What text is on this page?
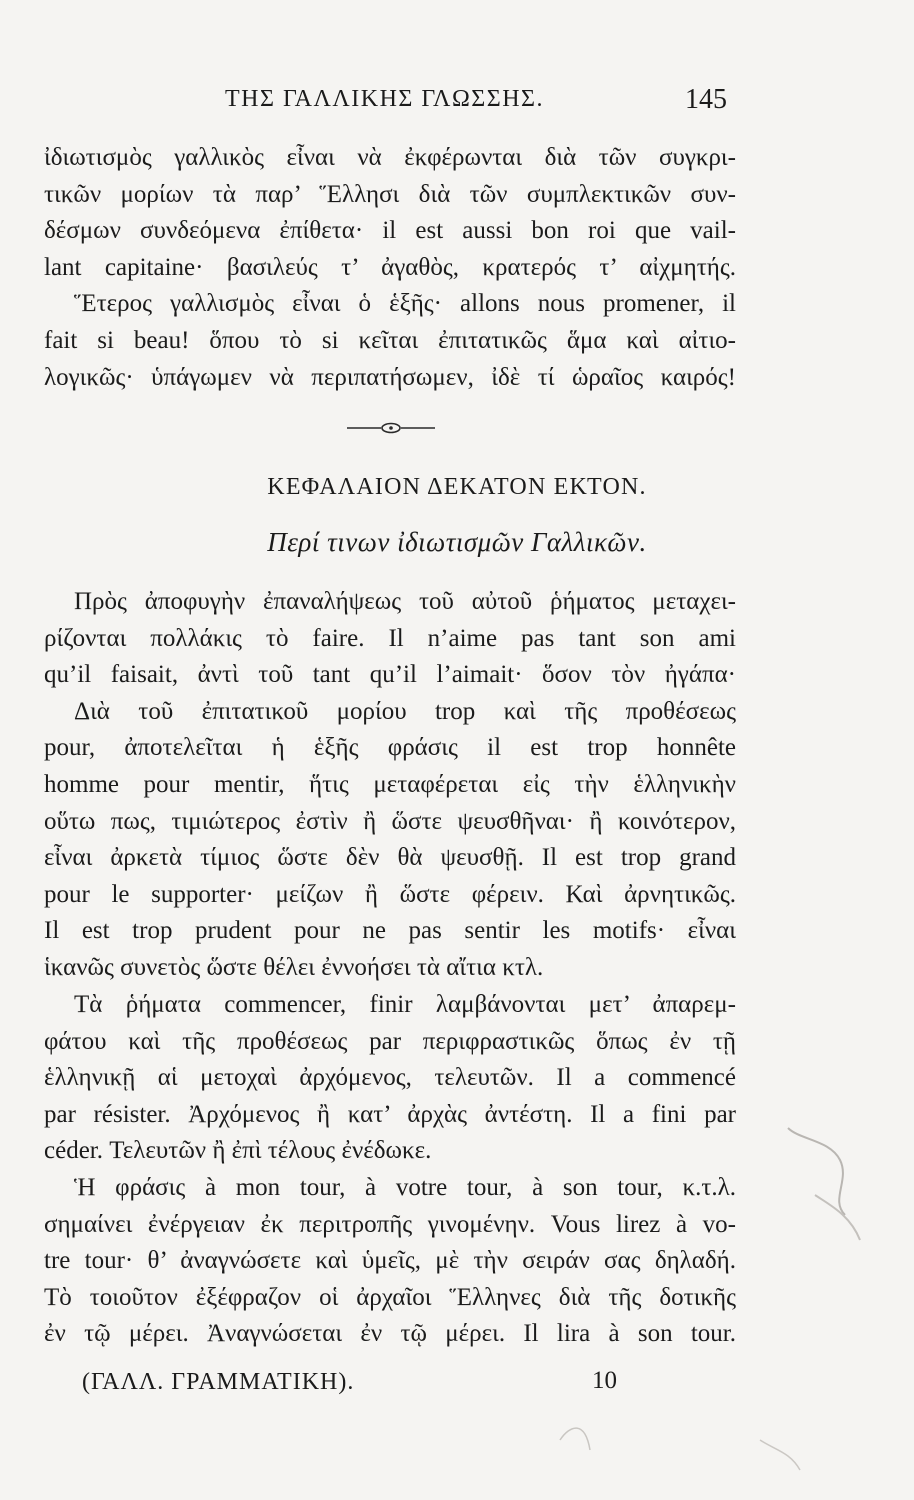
ΤΗΣ ΓΑΛΛΙΚΗΣ ΓΛΩΣΣΗΣ.	145
ἰδιωτισμὸς γαλλικὸς εἶναι νὰ ἐκφέρωνται διὰ τῶν συγκρι-
τικῶν μορίων τὰ παρ’ Ἕλλησι διὰ τῶν συμπλεκτικῶν συν-
δέσμων συνδεόμενα ἐπίθετα· il est aussi bon roi que vail-
lant capitaine· βασιλεύς τ’ ἀγαθὸς, κρατερός τ’ αἰχμητής.
Ἕτερος γαλλισμὸς εἶναι ὁ ἑξῆς· allons nous promener, il
fait si beau! ὅπου τὸ si κεῖται ἐπιτατικῶς ἅμα καὶ αἰτιο-
λογικῶς· ὑπάγωμεν νὰ περιπατήσωμεν, ἰδὲ τί ὡραῖος καιρός!
ΚΕΦΑΛΑΙΟΝ ΔΕΚΑΤΟΝ ΕΚΤΟΝ.
Περί τινων ἰδιωτισμῶν Γαλλικῶν.
Πρὸς ἀποφυγὴν ἐπαναλήψεως τοῦ αὐτοῦ ῥήματος μεταχει-
ρίζονται πολλάκις τὸ faire. Il n’aime pas tant son ami
qu’il faisait, ἀντὶ τοῦ tant qu’il l’aimait· ὅσον τὸν ἠγάπα·
Διὰ τοῦ ἐπιτατικοῦ μορίου trop καὶ τῆς προθέσεως
pour, ἀποτελεῖται ἡ ἑξῆς φράσις il est trop honnête
homme pour mentir, ἥτις μεταφέρεται εἰς τὴν ἑλληνικὴν
οὕτω πως, τιμιώτερος ἐστὶν ἢ ὥστε ψευσθῆναι· ἢ κοινότερον,
εἶναι ἀρκετὰ τίμιος ὥστε δὲν θὰ ψευσθῇ. Il est trop grand
pour le supporter· μείζων ἢ ὥστε φέρειν. Καὶ ἀρνητικῶς.
Il est trop prudent pour ne pas sentir les motifs· εἶναι
ἱκανῶς συνετὸς ὥστε θέλει ἐννοήσει τὰ αἴτια κτλ.
Τὰ ῥήματα commencer, finir λαμβάνονται μετ’ ἀπαρεμ-
φάτου καὶ τῆς προθέσεως par περιφραστικῶς ὅπως ἐν τῇ
ἑλληνικῇ αἱ μετοχαὶ ἀρχόμενος, τελευτῶν. Il a commencé
par résister. Ἀρχόμενος ἢ κατ’ ἀρχὰς ἀντέστη. Il a fini par
céder. Τελευτῶν ἢ ἐπὶ τέλους ἐνέδωκε.
Ἡ φράσις à mon tour, à votre tour, à son tour, κ.τ.λ.
σημαίνει ἐνέργειαν ἐκ περιτροπῆς γινομένην. Vous lirez à vo-
tre tour· θ’ ἀναγνώσετε καὶ ὑμεῖς, μὲ τὴν σειράν σας δηλαδή.
Τὸ τοιοῦτον ἐξέφραζον οἱ ἀρχαῖοι Ἕλληνες διὰ τῆς δοτικῆς
ἐν τῷ μέρει. Ἀναγνώσεται ἐν τῷ μέρει. Il lira à son tour.
(ΓΑΛΛ. ΓΡΑΜΜΑΤΙΚΗ).	10
